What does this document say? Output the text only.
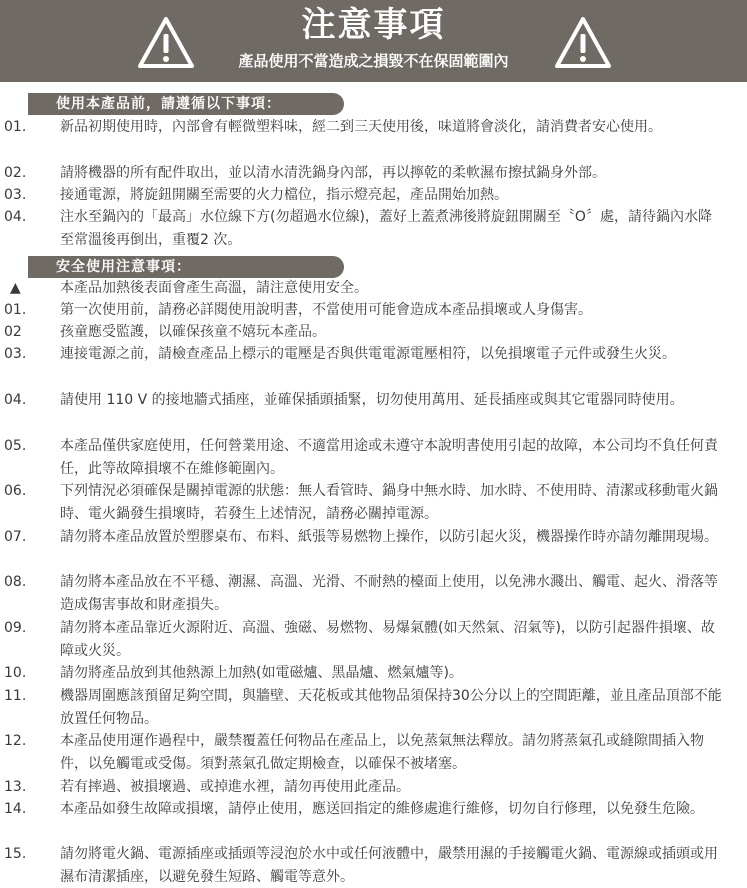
注意事項
產品使用不當造成之損毀不在保固範圍內
使用本產品前，請遵循以下事項：
01.	新品初期使用時，內部會有輕微塑料味，經二到三天使用後，味道將會淡化，請消費者安心使用。
02.	請將機器的所有配件取出，並以清水清洗鍋身內部，再以擰乾的柔軟濕布擦拭鍋身外部。
03.	接通電源，將旋鈕開關至需要的火力檔位，指示燈亮起，產品開始加熱。
04.	注水至鍋內的「最高」水位線下方(勿超過水位線)，蓋好上蓋煮沸後將旋鈕開關至〝O〞處，請待鍋內水降至常溫後再倒出，重覆2 次。
安全使用注意事項：
▲	本產品加熱後表面會產生高溫，請注意使用安全。
01.	第一次使用前，請務必詳閱使用說明書，不當使用可能會造成本產品損壞或人身傷害。
02	孩童應受監護，以確保孩童不嬉玩本產品。
03.	連接電源之前，請檢查產品上標示的電壓是否與供電電源電壓相符，以免損壞電子元件或發生火災。
04.	請使用 110 V 的接地牆式插座，並確保插頭插緊，切勿使用萬用、延長插座或與其它電器同時使用。
05.	本產品僅供家庭使用，任何營業用途、不適當用途或未遵守本說明書使用引起的故障，本公司均不負任何責任，此等故障損壞不在維修範圍內。
06.	下列情況必須確保是關掉電源的狀態：無人看管時、鍋身中無水時、加水時、不使用時、清潔或移動電火鍋時、電火鍋發生損壞時，若發生上述情況，請務必關掉電源。
07.	請勿將本產品放置於塑膠桌布、布料、紙張等易燃物上操作，以防引起火災，機器操作時亦請勿離開現場。
08.	請勿將本產品放在不平穩、潮濕、高溫、光滑、不耐熱的檯面上使用，以免沸水濺出、觸電、起火、滑落等造成傷害事故和財產損失。
09.	請勿將本產品靠近火源附近、高溫、強磁、易燃物、易爆氣體(如天然氣、沼氣等)，以防引起器件損壞、故障或火災。
10.	請勿將產品放到其他熱源上加熱(如電磁爐、黑晶爐、燃氣爐等)。
11.	機器周圍應該預留足夠空間，與牆壁、天花板或其他物品須保持30公分以上的空間距離，並且產品頂部不能放置任何物品。
12.	本產品使用運作過程中，嚴禁覆蓋任何物品在產品上，以免蒸氣無法釋放。請勿將蒸氣孔或縫隙間插入物件，以免觸電或受傷。須對蒸氣孔做定期檢查，以確保不被堵塞。
13.	若有摔過、被損壞過、或掉進水裡，請勿再使用此產品。
14.	本產品如發生故障或損壞，請停止使用，應送回指定的維修處進行維修，切勿自行修理，以免發生危險。
15.	請勿將電火鍋、電源插座或插頭等浸泡於水中或任何液體中，嚴禁用濕的手接觸電火鍋、電源線或插頭或用濕布清潔插座，以避免發生短路、觸電等意外。
